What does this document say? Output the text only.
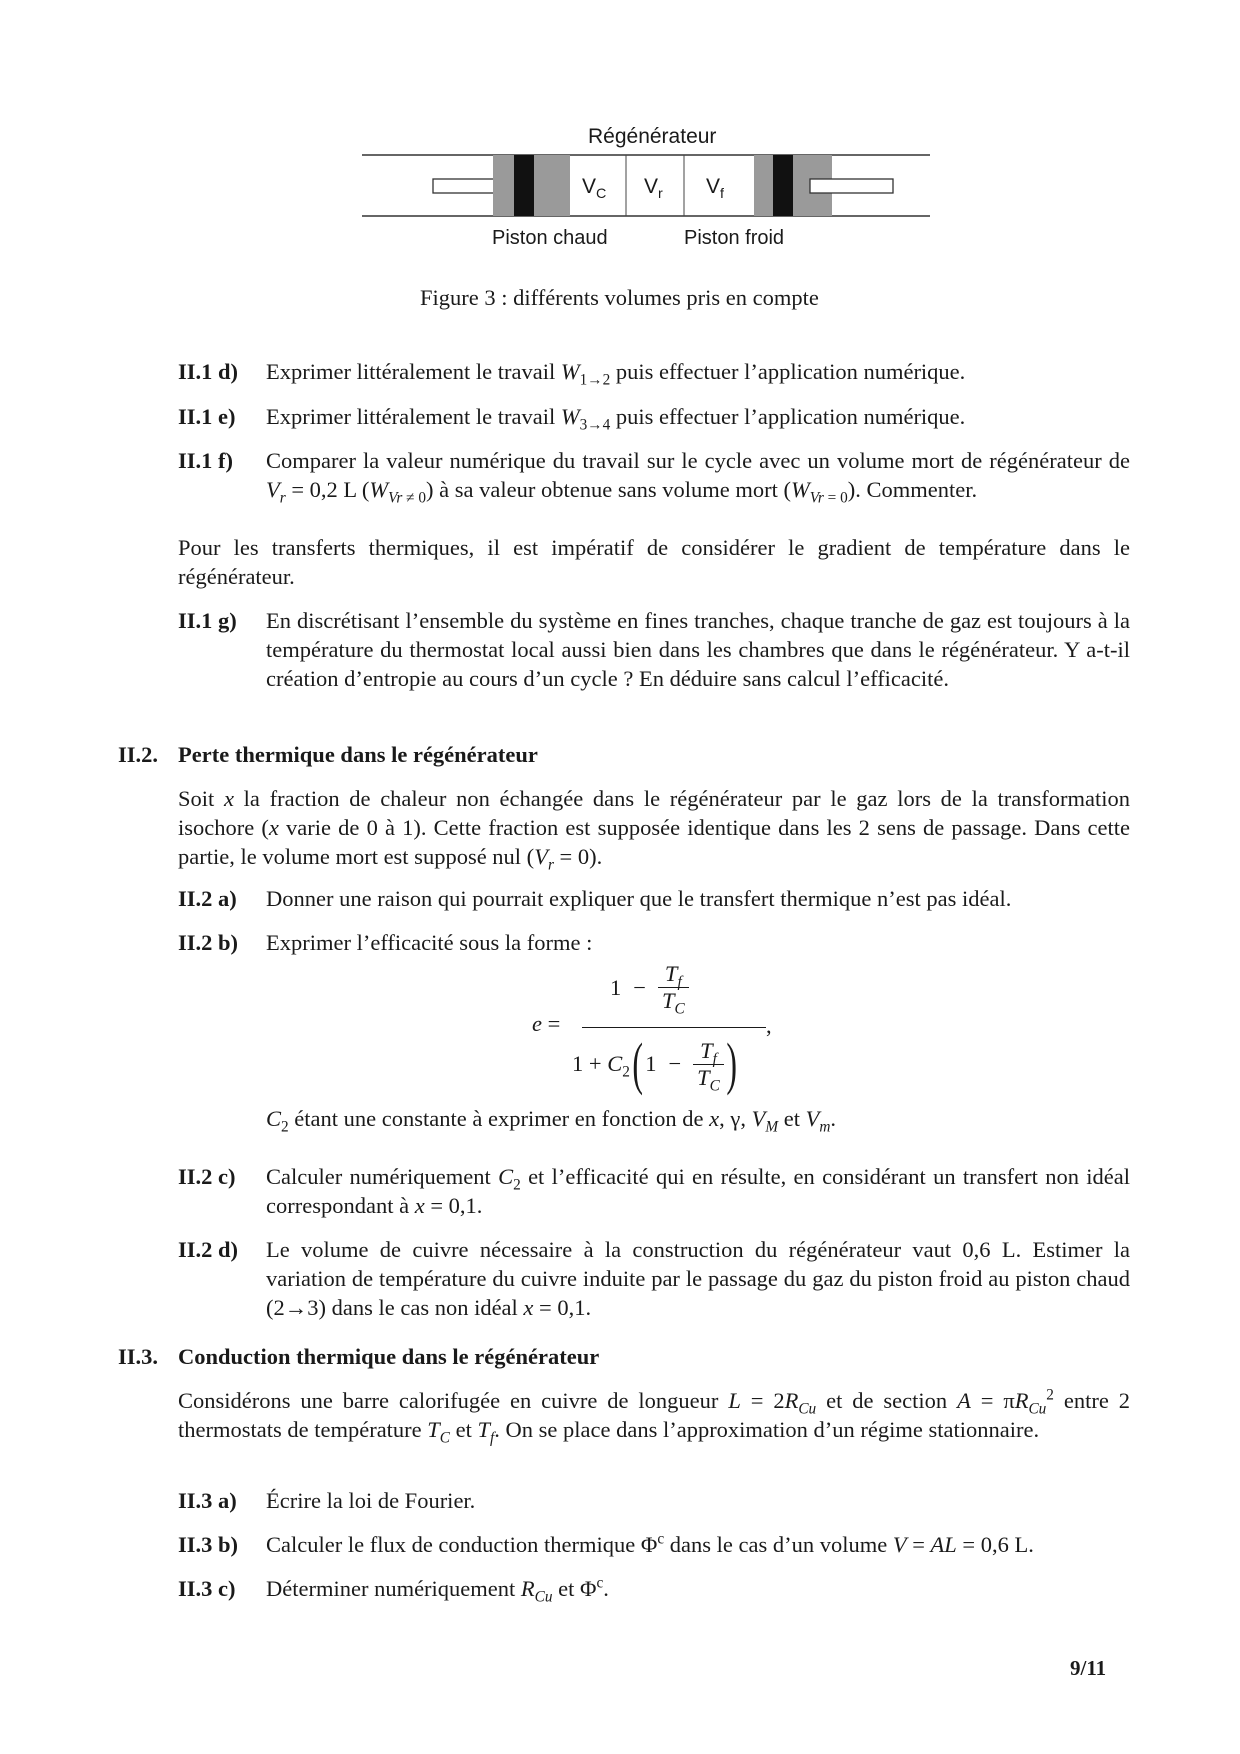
Régénérateur
$V_C$ $V_r$ $V_f$
Piston chaud	Piston froid
Figure 3 : différents volumes pris en compte
II.1 d) Exprimer littéralement le travail $W_{1\to 2}$ puis effectuer l’application numérique.
II.1 e) Exprimer littéralement le travail $W_{3\to 4}$ puis effectuer l’application numérique.
II.1 f) Comparer la valeur numérique du travail sur le cycle avec un volume mort de régénérateur de $V_r = 0,2$ L ($W_{Vr}$ $_{\ne 0}$) à sa valeur obtenue sans volume mort ($W_{Vr}$ $_{= 0}$). Commenter.
Pour les transferts thermiques, il est impératif de considérer le gradient de température dans le régénérateur.
II.1 g) En discrétisant l’ensemble du système en fines tranches, chaque tranche de gaz est toujours à la température du thermostat local aussi bien dans les chambres que dans le régénérateur. Y a-t-il création d’entropie au cours d’un cycle ? En déduire sans calcul l’efficacité.
II.2. Perte thermique dans le régénérateur
Soit x la fraction de chaleur non échangée dans le régénérateur par le gaz lors de la transformation isochore (x varie de 0 à 1). Cette fraction est supposée identique dans les 2 sens de passage. Dans cette partie, le volume mort est supposé nul $(V_r = 0)$.
II.2 a) Donner une raison qui pourrait expliquer que le transfert thermique n’est pas idéal.
II.2 b) Exprimer l’efficacité sous la forme :
e =
$1 - \frac{T_f}{T_C}$
$1 + C_2$ ( $1 - \frac{T_f}{T_C}$ )
,
$C_2$ étant une constante à exprimer en fonction de x, γ, $V_M$ et $V_m$.
II.2 c) Calculer numériquement $C_2$ et l’efficacité qui en résulte, en considérant un transfert non idéal correspondant à x = 0,1.
II.2 d) Le volume de cuivre nécessaire à la construction du régénérateur vaut 0,6 L. Estimer la variation de température du cuivre induite par le passage du gaz du piston froid au piston chaud (2→3) dans le cas non idéal x = 0,1.
II.3. Conduction thermique dans le régénérateur
Considérons une barre calorifugée en cuivre de longueur $L = 2R_{Cu}$ et de section $A = \pi R_{Cu}^2$ entre 2 thermostats de température $T_C$ et $T_f$. On se place dans l’approximation d’un régime stationnaire.
II.3 a) Écrire la loi de Fourier.
II.3 b) Calculer le flux de conduction thermique $\Phi^c$ dans le cas d’un volume V = AL = 0,6 L.
II.3 c) Déterminer numériquement $R_{Cu}$ et $\Phi^c$.
9/11
